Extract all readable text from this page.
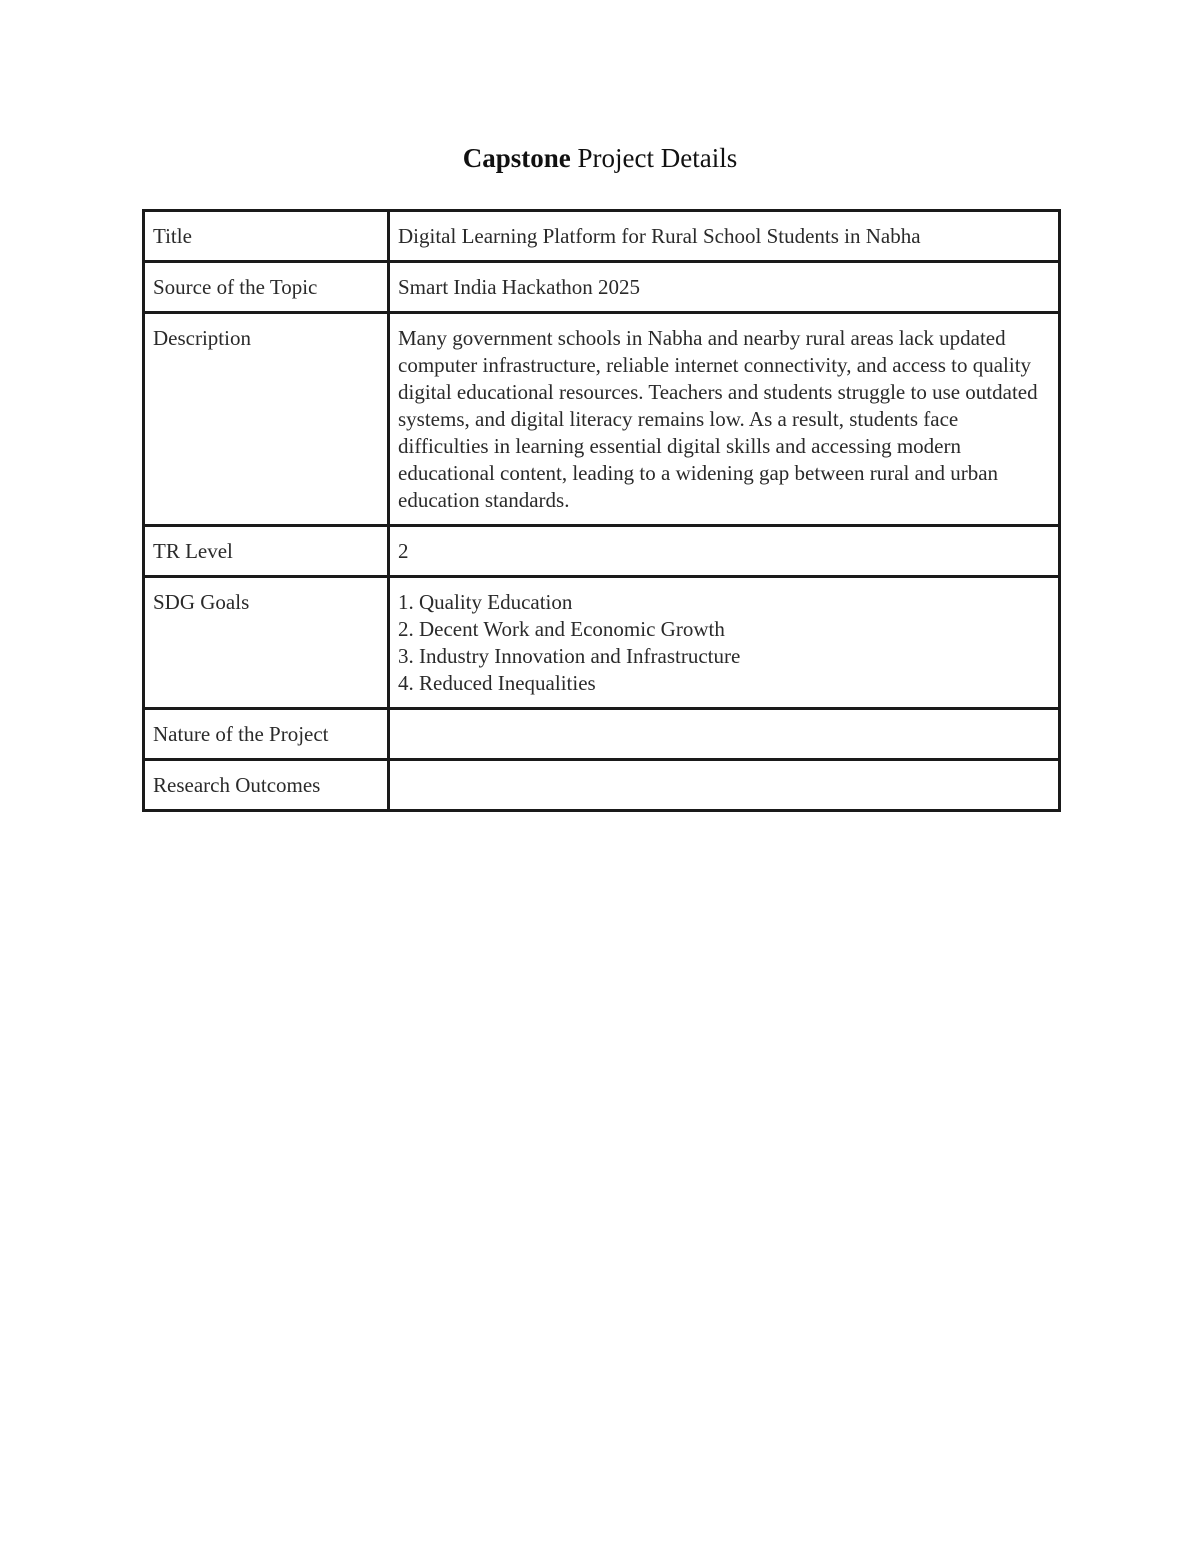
Capstone Project Details
Title	Digital Learning Platform for Rural School Students in Nabha
Source of the Topic	Smart India Hackathon 2025
Description	Many government schools in Nabha and nearby rural areas lack updated computer infrastructure, reliable internet connectivity, and access to quality digital educational resources. Teachers and students struggle to use outdated systems, and digital literacy remains low. As a result, students face difficulties in learning essential digital skills and accessing modern educational content, leading to a widening gap between rural and urban education standards.
TR Level	2
SDG Goals	1. Quality Education
2. Decent Work and Economic Growth
3. Industry Innovation and Infrastructure
4. Reduced Inequalities

Nature of the Project	
Research Outcomes	
